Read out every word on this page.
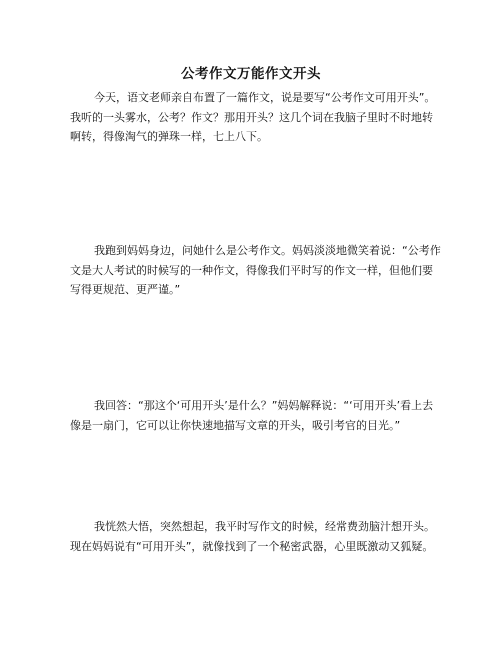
公考作文万能作文开头

今天，语文老师亲自布置了一篇作文，说是要写“公考作文可用开头”。我听的一头雾水，公考？作文？那用开头？这几个词在我脑子里时不时地转啊转，得像淘气的弹珠一样，七上八下。

我跑到妈妈身边，问她什么是公考作文。妈妈淡淡地微笑着说：“公考作文是大人考试的时候写的一种作文，得像我们平时写的作文一样，但他们要写得更规范、更严谨。”

我回答：“那这个‘可用开头’是什么？”妈妈解释说：“‘可用开头’看上去像是一扇门，它可以让你快速地描写文章的开头，吸引考官的目光。”

我恍然大悟，突然想起，我平时写作文的时候，经常费劲脑汁想开头。现在妈妈说有“可用开头”，就像找到了一个秘密武器，心里既激动又狐疑。
